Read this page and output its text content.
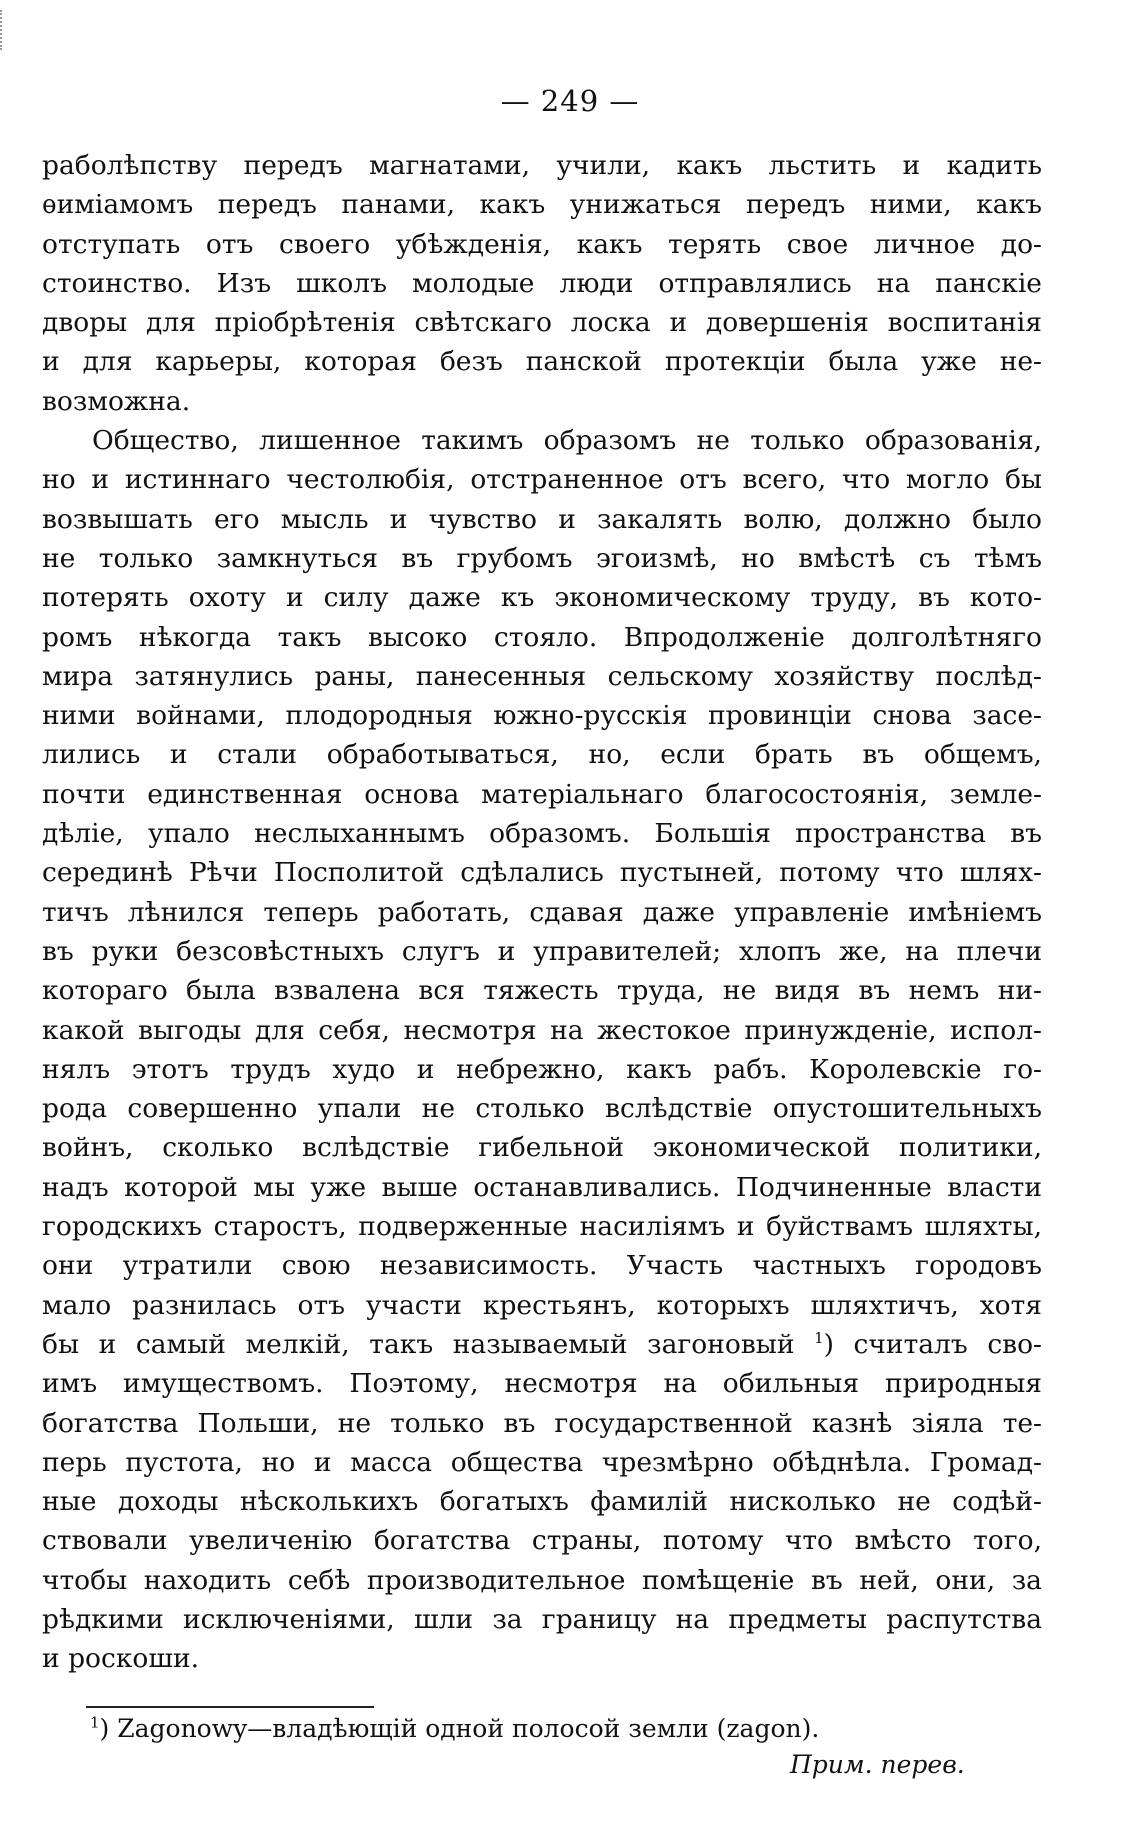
— 249 —
раболѣпству передъ магнатами, учили, какъ льстить и кадить
ѳиміамомъ передъ панами, какъ унижаться передъ ними, какъ
отступать отъ своего убѣжденія, какъ терять свое личное до-
стоинство. Изъ школъ молодые люди отправлялись на панскіе
дворы для пріобрѣтенія свѣтскаго лоска и довершенія воспитанія
и для карьеры, которая безъ панской протекціи была уже не-
возможна.
Общество, лишенное такимъ образомъ не только образованія,
но и истиннаго честолюбія, отстраненное отъ всего, что могло бы
возвышать его мысль и чувство и закалять волю, должно было
не только замкнуться въ грубомъ эгоизмѣ, но вмѣстѣ съ тѣмъ
потерять охоту и силу даже къ экономическому труду, въ кото-
ромъ нѣкогда такъ высоко стояло. Впродолженіе долголѣтняго
мира затянулись раны, панесенныя сельскому хозяйству послѣд-
ними войнами, плодородныя южно-русскія провинціи снова засе-
лились и стали обработываться, но, если брать въ общемъ,
почти единственная основа матеріальнаго благосостоянія, земле-
дѣліе, упало неслыханнымъ образомъ. Большія пространства въ
серединѣ Рѣчи Посполитой сдѣлались пустыней, потому что шлях-
тичъ лѣнился теперь работать, сдавая даже управленіе имѣніемъ
въ руки безсовѣстныхъ слугъ и управителей; хлопъ же, на плечи
котораго была взвалена вся тяжесть труда, не видя въ немъ ни-
какой выгоды для себя, несмотря на жестокое принужденіе, испол-
нялъ этотъ трудъ худо и небрежно, какъ рабъ. Королевскіе го-
рода совершенно упали не столько вслѣдствіе опустошительныхъ
войнъ, сколько вслѣдствіе гибельной экономической политики,
надъ которой мы уже выше останавливались. Подчиненные власти
городскихъ старостъ, подверженные насиліямъ и буйствамъ шляхты,
они утратили свою независимость. Участь частныхъ городовъ
мало разнилась отъ участи крестьянъ, которыхъ шляхтичъ, хотя
бы и самый мелкій, такъ называемый загоновый $^1$) считалъ сво-
имъ имуществомъ. Поэтому, несмотря на обильныя природныя
богатства Польши, не только въ государственной казнѣ зіяла те-
перь пустота, но и масса общества чрезмѣрно обѣднѣла. Громад-
ные доходы нѣсколькихъ богатыхъ фамилій нисколько не содѣй-
ствовали увеличенію богатства страны, потому что вмѣсто того,
чтобы находить себѣ производительное помѣщеніе въ ней, они, за
рѣдкими исключеніями, шли за границу на предметы распутства
и роскоши.
$^1$) Zagonowy—владѣющій одной полосой земли (zagon).
Прим. перев.
